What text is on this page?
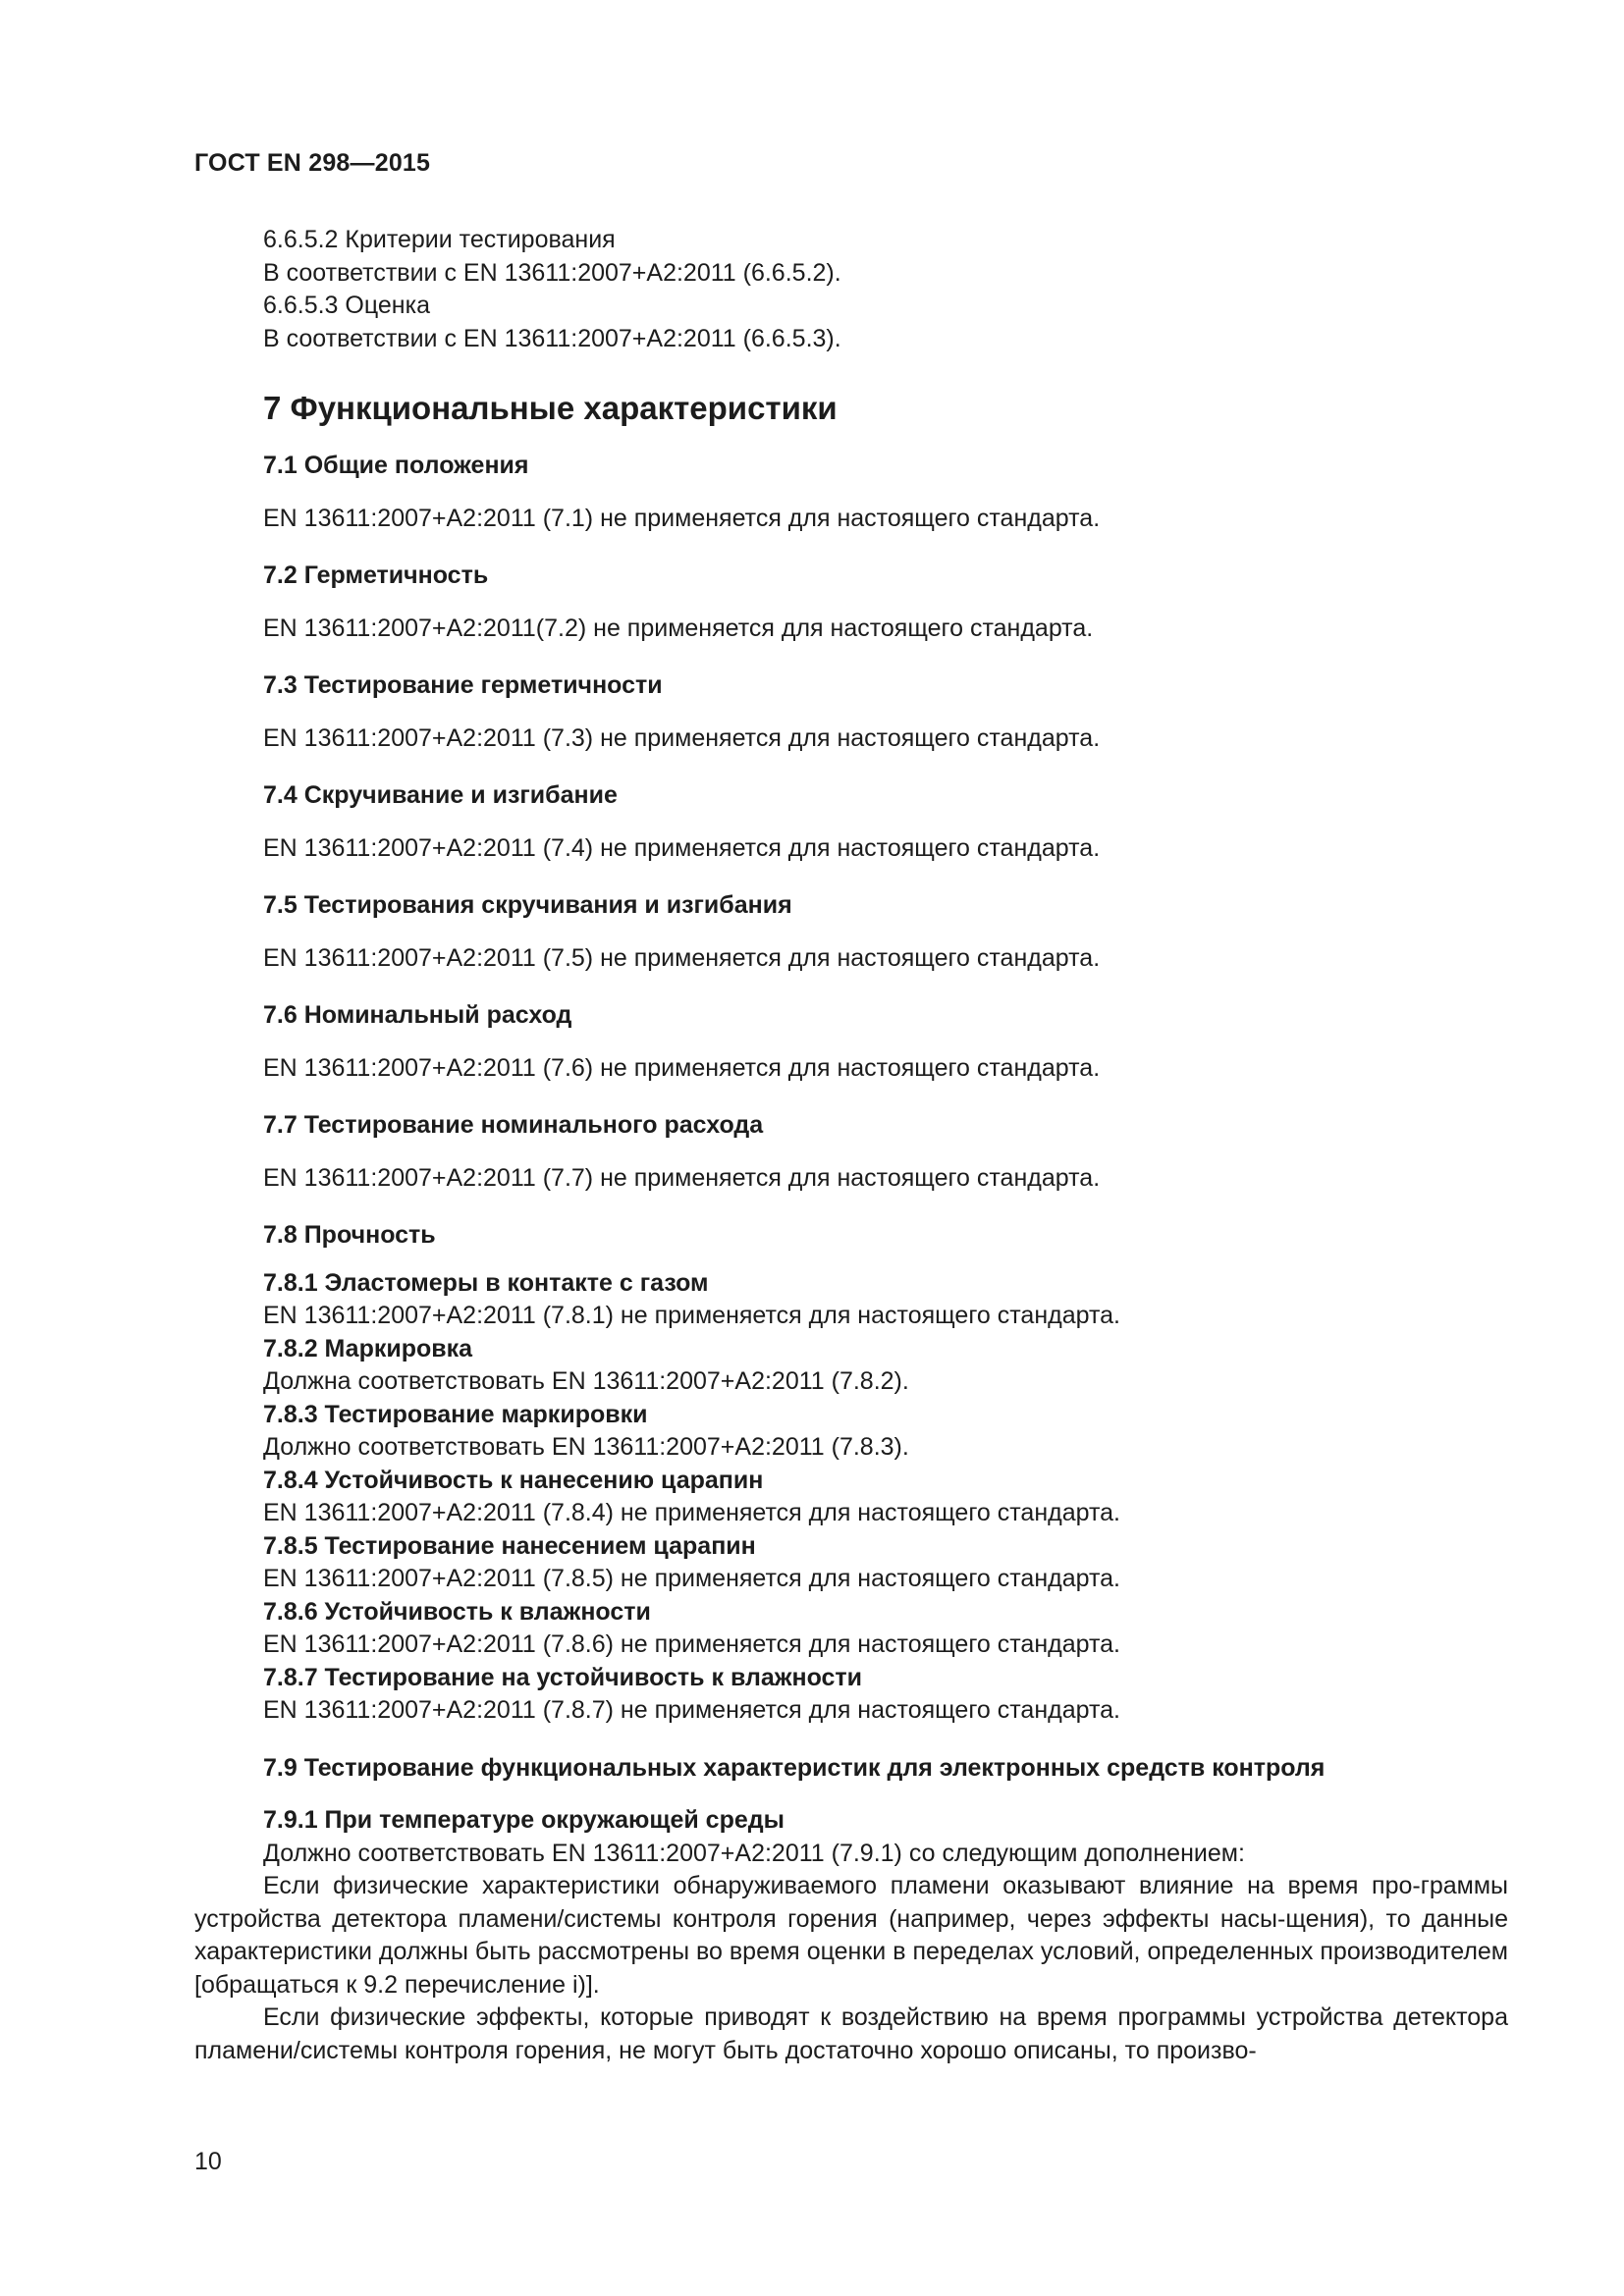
ГОСТ EN 298—2015
6.6.5.2 Критерии тестирования
В соответствии с EN 13611:2007+A2:2011 (6.6.5.2).
6.6.5.3 Оценка
В соответствии с EN 13611:2007+A2:2011 (6.6.5.3).
7 Функциональные характеристики
7.1 Общие положения
EN 13611:2007+A2:2011 (7.1) не применяется для настоящего стандарта.
7.2 Герметичность
EN 13611:2007+A2:2011(7.2) не применяется для настоящего стандарта.
7.3 Тестирование герметичности
EN 13611:2007+A2:2011 (7.3) не применяется для настоящего стандарта.
7.4 Скручивание и изгибание
EN 13611:2007+A2:2011 (7.4) не применяется для настоящего стандарта.
7.5 Тестирования скручивания и изгибания
EN 13611:2007+A2:2011 (7.5) не применяется для настоящего стандарта.
7.6 Номинальный расход
EN 13611:2007+A2:2011 (7.6) не применяется для настоящего стандарта.
7.7 Тестирование номинального расхода
EN 13611:2007+A2:2011 (7.7) не применяется для настоящего стандарта.
7.8 Прочность
7.8.1 Эластомеры в контакте с газом
EN 13611:2007+A2:2011 (7.8.1) не применяется для настоящего стандарта.
7.8.2 Маркировка
Должна соответствовать EN 13611:2007+A2:2011 (7.8.2).
7.8.3 Тестирование маркировки
Должно соответствовать EN 13611:2007+A2:2011 (7.8.3).
7.8.4 Устойчивость к нанесению царапин
EN 13611:2007+A2:2011 (7.8.4) не применяется для настоящего стандарта.
7.8.5 Тестирование нанесением царапин
EN 13611:2007+A2:2011 (7.8.5) не применяется для настоящего стандарта.
7.8.6 Устойчивость к влажности
EN 13611:2007+A2:2011 (7.8.6) не применяется для настоящего стандарта.
7.8.7 Тестирование на устойчивость к влажности
EN 13611:2007+A2:2011 (7.8.7) не применяется для настоящего стандарта.
7.9 Тестирование функциональных характеристик для электронных средств контроля
7.9.1 При температуре окружающей среды
Должно соответствовать EN 13611:2007+A2:2011 (7.9.1) со следующим дополнением:
Если физические характеристики обнаруживаемого пламени оказывают влияние на время про-граммы устройства детектора пламени/системы контроля горения (например, через эффекты насы-щения), то данные характеристики должны быть рассмотрены во время оценки в переделах условий, определенных производителем [обращаться к 9.2 перечисление i)].
Если физические эффекты, которые приводят к воздействию на время программы устройства детектора пламени/системы контроля горения, не могут быть достаточно хорошо описаны, то произво-
10
